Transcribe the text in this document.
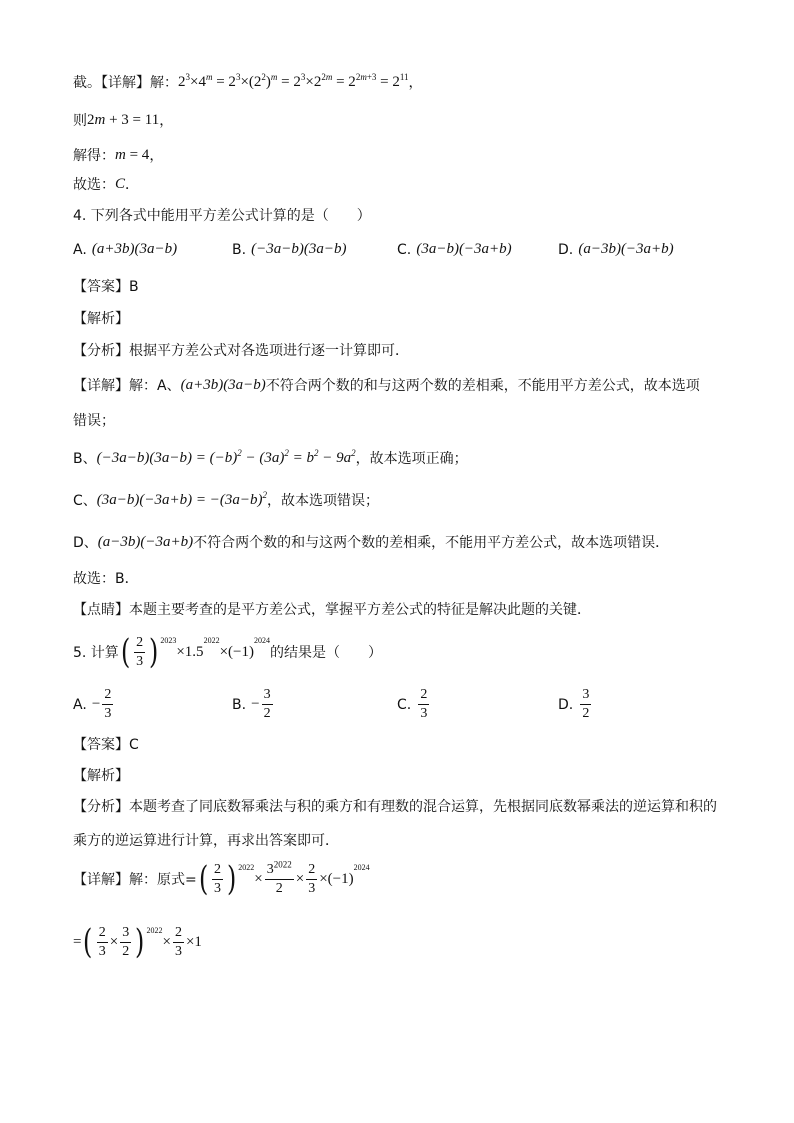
截。【详解】解： $2^3\times 4^m = 2^3\times(2^2)^m = 2^3\times 2^{2m} = 2^{2m+3} = 2^{11}$ ，
则 2m + 3 = 11 ，
解得： m = 4 ，
故选： C ．
4. 下列各式中能用平方差公式计算的是（　　）
A.
(a+3b)(3a−b)	B.
(−3a−b)(3a−b)	C.
(3a−b)(−3a+b)	D.
(a−3b)(−3a+b)
【答案】B
【解析】
【分析】根据平方差公式对各选项进行逐一计算即可．
【详解】解：A、 (a+3b)(3a−b) 不符合两个数的和与这两个数的差相乘，不能用平方差公式，故本选项
错误；
B、 $(-3a-b)(3a-b) = (-b)^2 - (3a)^2 = b^2 - 9a^2$ ，故本选项正确；
C、 $(3a-b)(-3a+b) = -(3a-b)^2$ ，故本选项错误；
D、 (a−3b)(−3a+b) 不符合两个数的和与这两个数的差相乘，不能用平方差公式，故本选项错误．
故选：B．
【点睛】本题主要考查的是平方差公式，掌握平方差公式的特征是解决此题的关键．
5. 计算 ( $\frac{2}{3}$ ) 2023
×1.5
2022
×(−1)
2024
的结果是（　　）
A.
− $\frac{2}{3}$	B.
− $\frac{3}{2}$	C.
$\frac{2}{3}$	D.
$\frac{3}{2}$
【答案】C
【解析】
【分析】本题考查了同底数幂乘法与积的乘方和有理数的混合运算，先根据同底数幂乘法的逆运算和积的
乘方的逆运算进行计算，再求出答案即可．
【详解】解：原式= ( $\frac{2}{3}$ ) 2022
× $\frac{3^{2022}}{2} \times \frac{2}{3} \times(-1)$
2024
= ( $\frac{2}{3} \times \frac{3}{2}$ ) 2022
× $\frac{2}{3} \times 1$
